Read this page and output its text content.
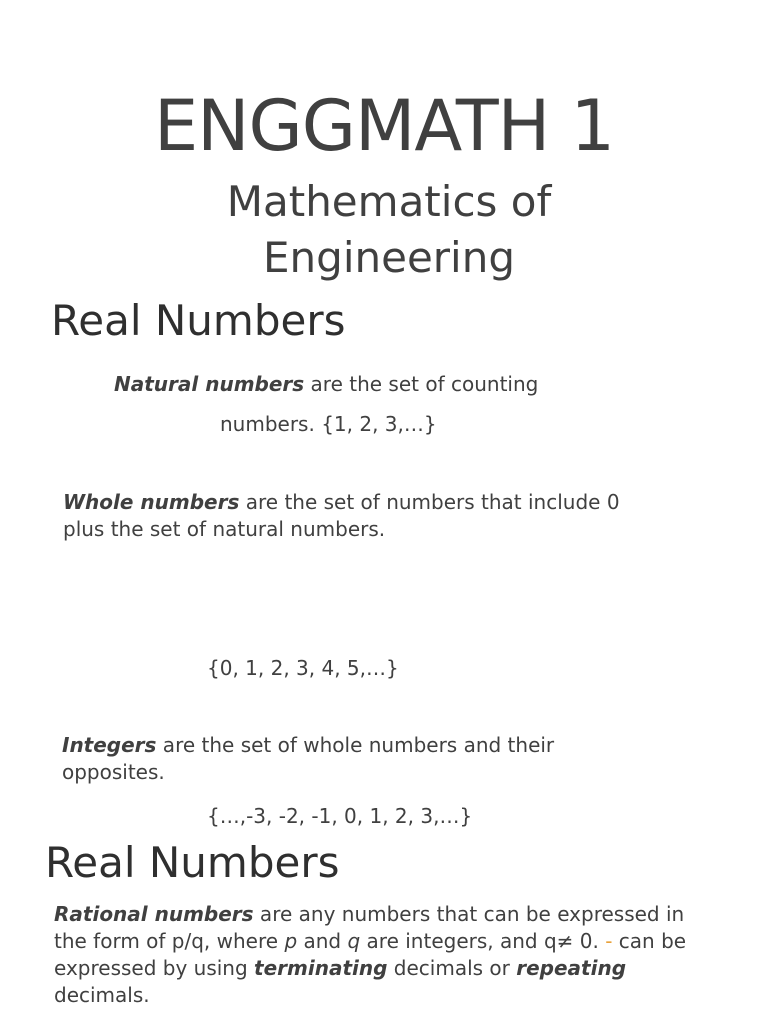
ENGGMATH 1
Mathematics of
Engineering
Real Numbers
Natural numbers are the set of counting
numbers. {1, 2, 3,…}
Whole numbers are the set of numbers that include 0 plus the set of natural numbers.
{0, 1, 2, 3, 4, 5,…}
Integers are the set of whole numbers and their opposites.
{…,-3, -2, -1, 0, 1, 2, 3,…}
Real Numbers
Rational numbers are any numbers that can be expressed in the form of p/q, where p and q are integers, and q≠ 0. - can be expressed by using terminating decimals or repeating decimals.
